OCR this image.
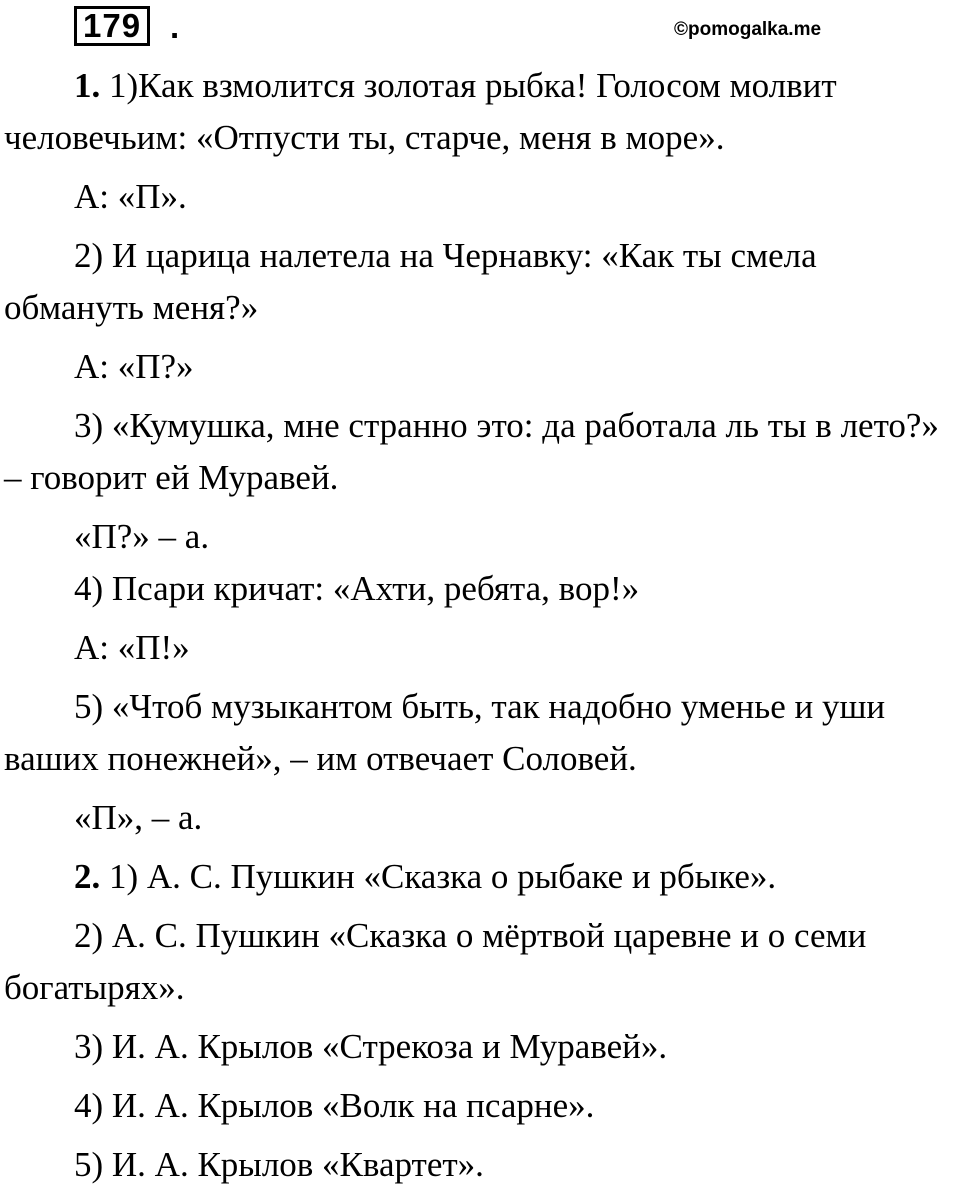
179 .	©pomogalka.me

1. 1)Как взмолится золотая рыбка! Голосом молвит человечьим: «Отпусти ты, старче, меня в море».

А: «П».

2) И царица налетела на Чернавку: «Как ты смела обмануть меня?»

А: «П?»

3) «Кумушка, мне странно это: да работала ль ты в лето?» – говорит ей Муравей.

«П?» – а.

4) Псари кричат: «Ахти, ребята, вор!»

А: «П!»

5) «Чтоб музыкантом быть, так надобно уменье и уши ваших понежней», – им отвечает Соловей.

«П», – а.

2. 1) А. С. Пушкин «Сказка о рыбаке и рбыке».

2) А. С. Пушкин «Сказка о мёртвой царевне и о семи богатырях».

3) И. А. Крылов «Стрекоза и Муравей».

4) И. А. Крылов «Волк на псарне».

5) И. А. Крылов «Квартет».
